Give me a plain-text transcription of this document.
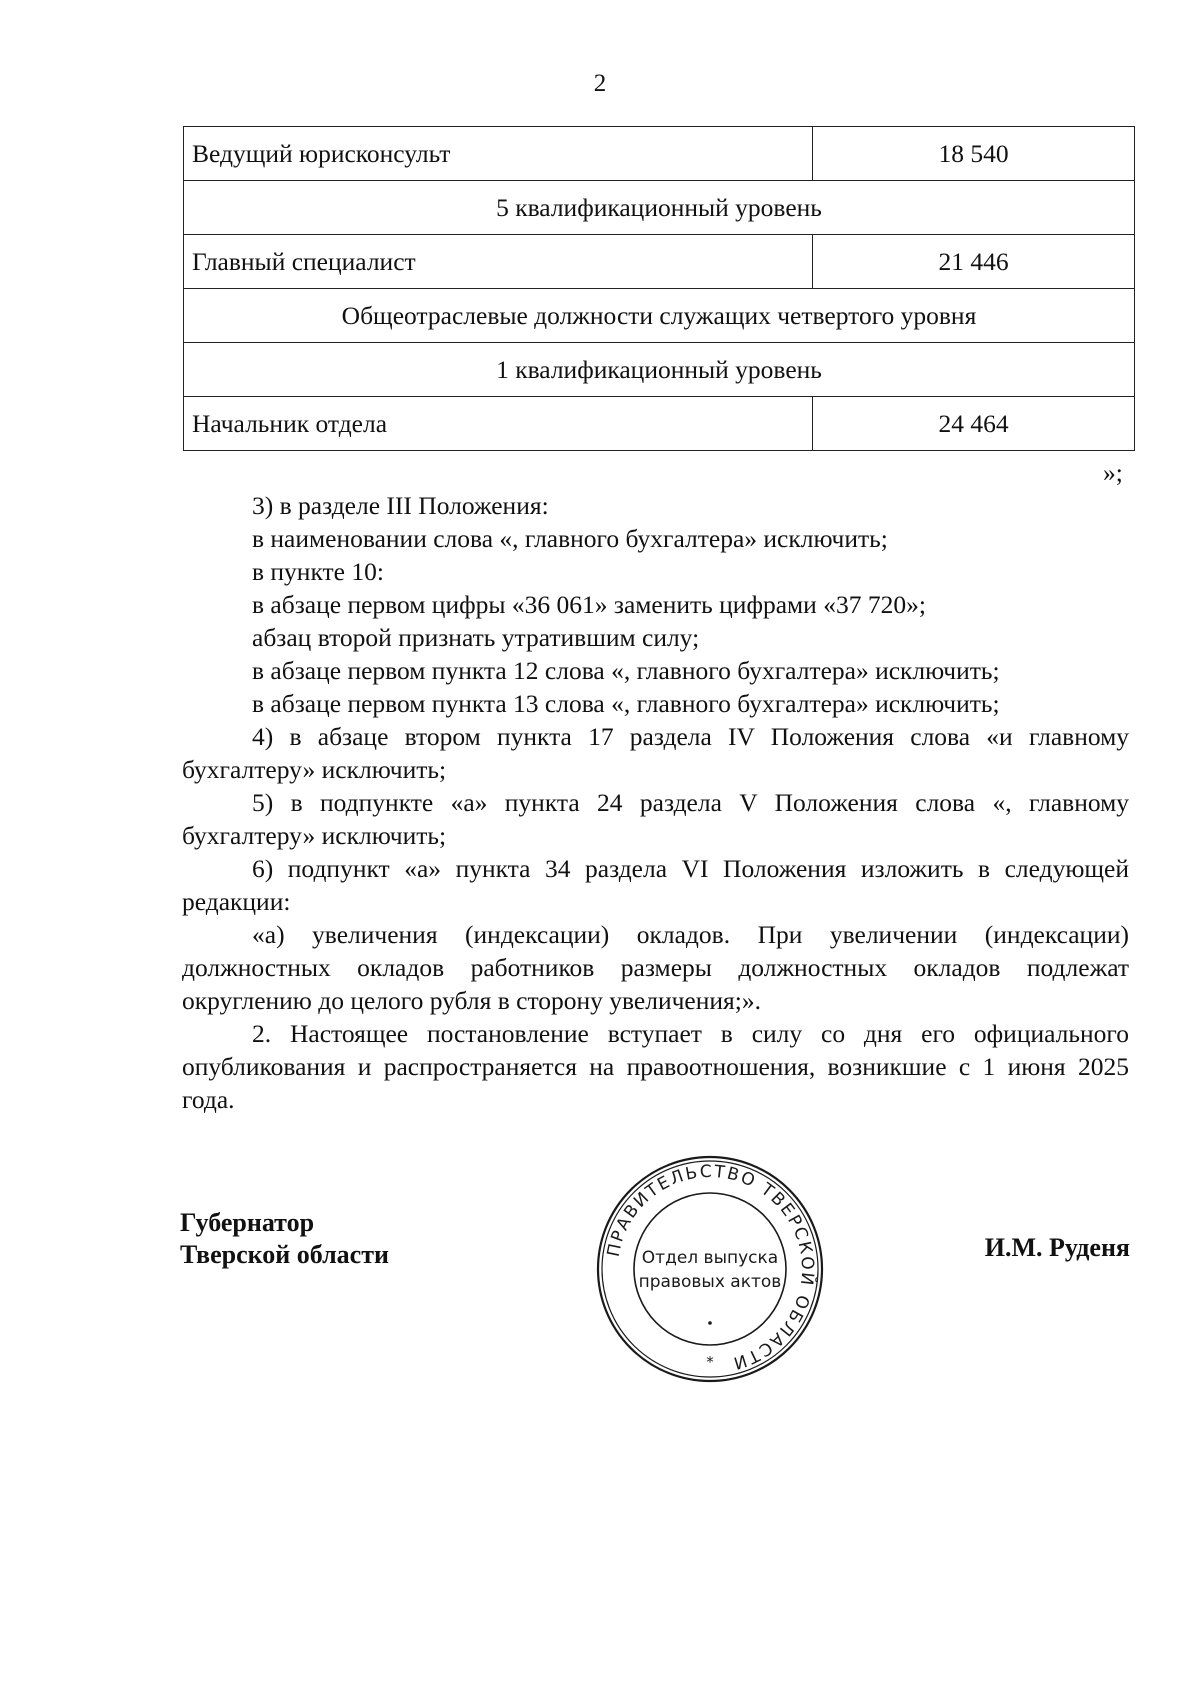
2
Ведущий юрисконсульт	18 540
5 квалификационный уровень	
Главный специалист	21 446
Общеотраслевые должности служащих четвертого уровня	
1 квалификационный уровень	
Начальник отдела	24 464
»;

3) в разделе III Положения:

в наименовании слова «, главного бухгалтера» исключить;

в пункте 10:

в абзаце первом цифры «36 061» заменить цифрами «37 720»;

абзац второй признать утратившим силу;

в абзаце первом пункта 12 слова «, главного бухгалтера» исключить;

в абзаце первом пункта 13 слова «, главного бухгалтера» исключить;

4) в абзаце втором пункта 17 раздела IV Положения слова «и главному бухгалтеру» исключить;

5) в подпункте «а» пункта 24 раздела V Положения слова «, главному бухгалтеру» исключить;

6) подпункт «а» пункта 34 раздела VI Положения изложить в следующей редакции:

«а) увеличения (индексации) окладов. При увеличении (индексации) должностных окладов работников размеры должностных окладов подлежат округлению до целого рубля в сторону увеличения;».

2. Настоящее постановление вступает в силу со дня его официального опубликования и распространяется на правоотношения, возникшие с 1 июня 2025 года.

Губернатор
Тверской области	ПРАВИТЕЛЬСТВО ТВЕРСКОЙ ОБЛАСТИ
Отдел выпуска
правовых актов
*
И.М. Руденя
